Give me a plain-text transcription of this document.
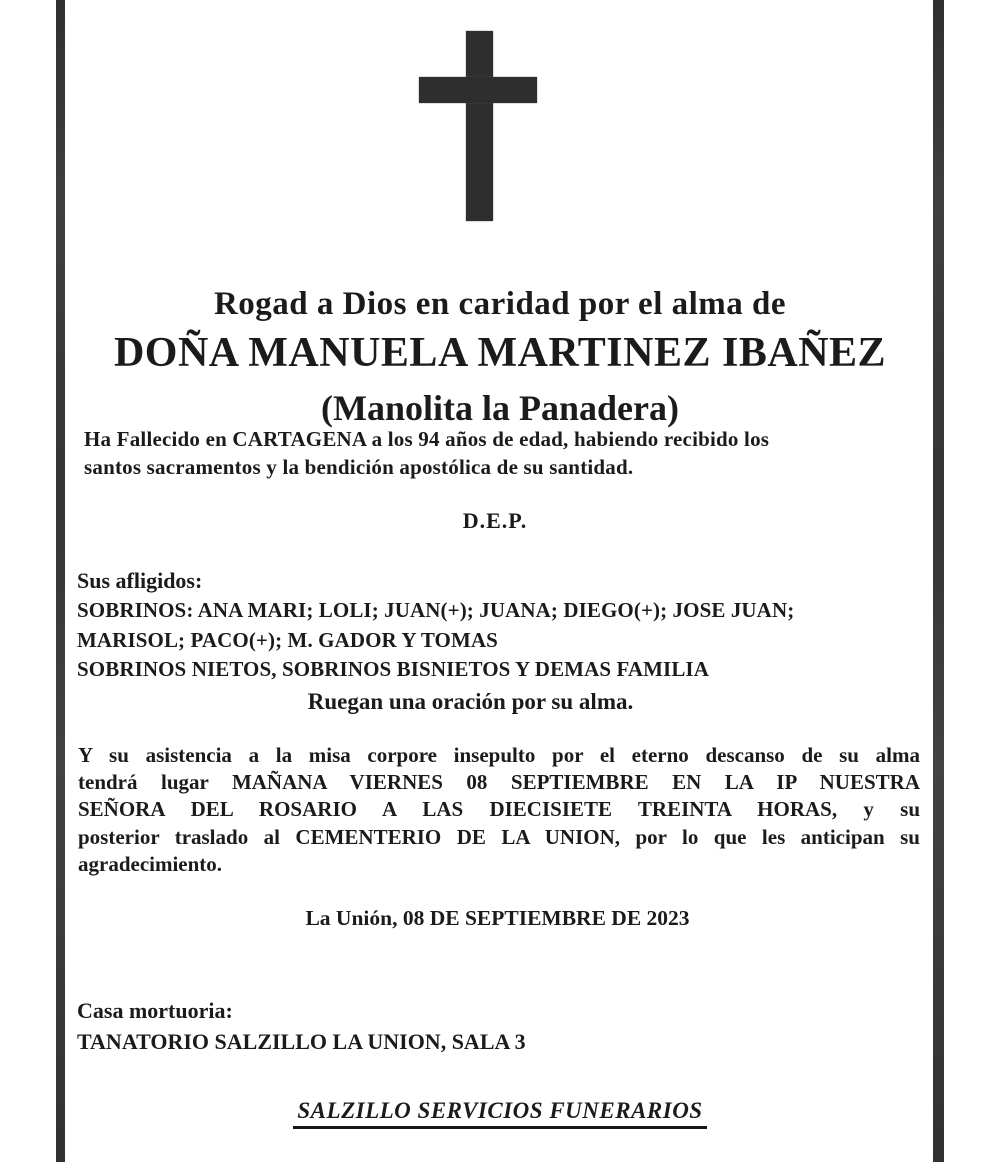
Rogad a Dios en caridad por el alma de
DOÑA MANUELA MARTINEZ IBAÑEZ
(Manolita la Panadera)
Ha Fallecido en CARTAGENA a los 94 años de edad, habiendo recibido los
santos sacramentos y la bendición apostólica de su santidad.
D.E.P.
Sus afligidos:
SOBRINOS: ANA MARI; LOLI; JUAN(+); JUANA; DIEGO(+); JOSE JUAN;
MARISOL; PACO(+); M. GADOR Y TOMAS
SOBRINOS NIETOS, SOBRINOS BISNIETOS Y DEMAS FAMILIA
Ruegan una oración por su alma.
Y su asistencia a la misa corpore insepulto por el eterno descanso de su alma
tendrá lugar MAÑANA VIERNES 08 SEPTIEMBRE EN LA IP NUESTRA
SEÑORA DEL ROSARIO A LAS DIECISIETE TREINTA HORAS, y su
posterior traslado al CEMENTERIO DE LA UNION, por lo que les anticipan su
agradecimiento.
La Unión, 08 DE SEPTIEMBRE DE 2023
Casa mortuoria:
TANATORIO SALZILLO LA UNION, SALA 3
SALZILLO SERVICIOS FUNERARIOS
